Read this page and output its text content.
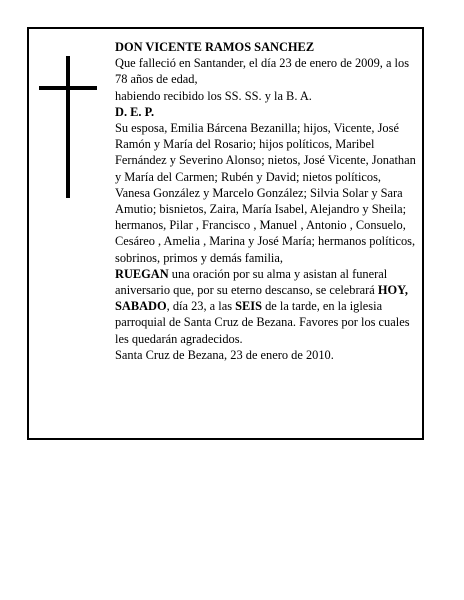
DON VICENTE RAMOS SANCHEZ

Que falleció en Santander, el día 23 de enero de 2009, a los 78 años de edad,

habiendo recibido los SS. SS. y la B. A.

D. E. P.

Su esposa, Emilia Bárcena Bezanilla; hijos, Vicente, José Ramón y María del Rosario; hijos políticos, Maribel Fernández y Severino Alonso; nietos, José Vicente, Jonathan y María del Carmen; Rubén y David; nietos políticos, Vanesa González y Marcelo González; Silvia Solar y Sara Amutio; bisnietos, Zaira, María Isabel, Alejandro y Sheila; hermanos, Pilar , Francisco , Manuel , Antonio , Consuelo, Cesáreo , Amelia , Marina y José María; hermanos políticos, sobrinos, primos y demás familia,

RUEGAN una oración por su alma y asistan al funeral aniversario que, por su eterno descanso, se celebrará HOY, SABADO, día 23, a las SEIS de la tarde, en la iglesia parroquial de Santa Cruz de Bezana. Favores por los cuales les quedarán agradecidos.

Santa Cruz de Bezana, 23 de enero de 2010.
